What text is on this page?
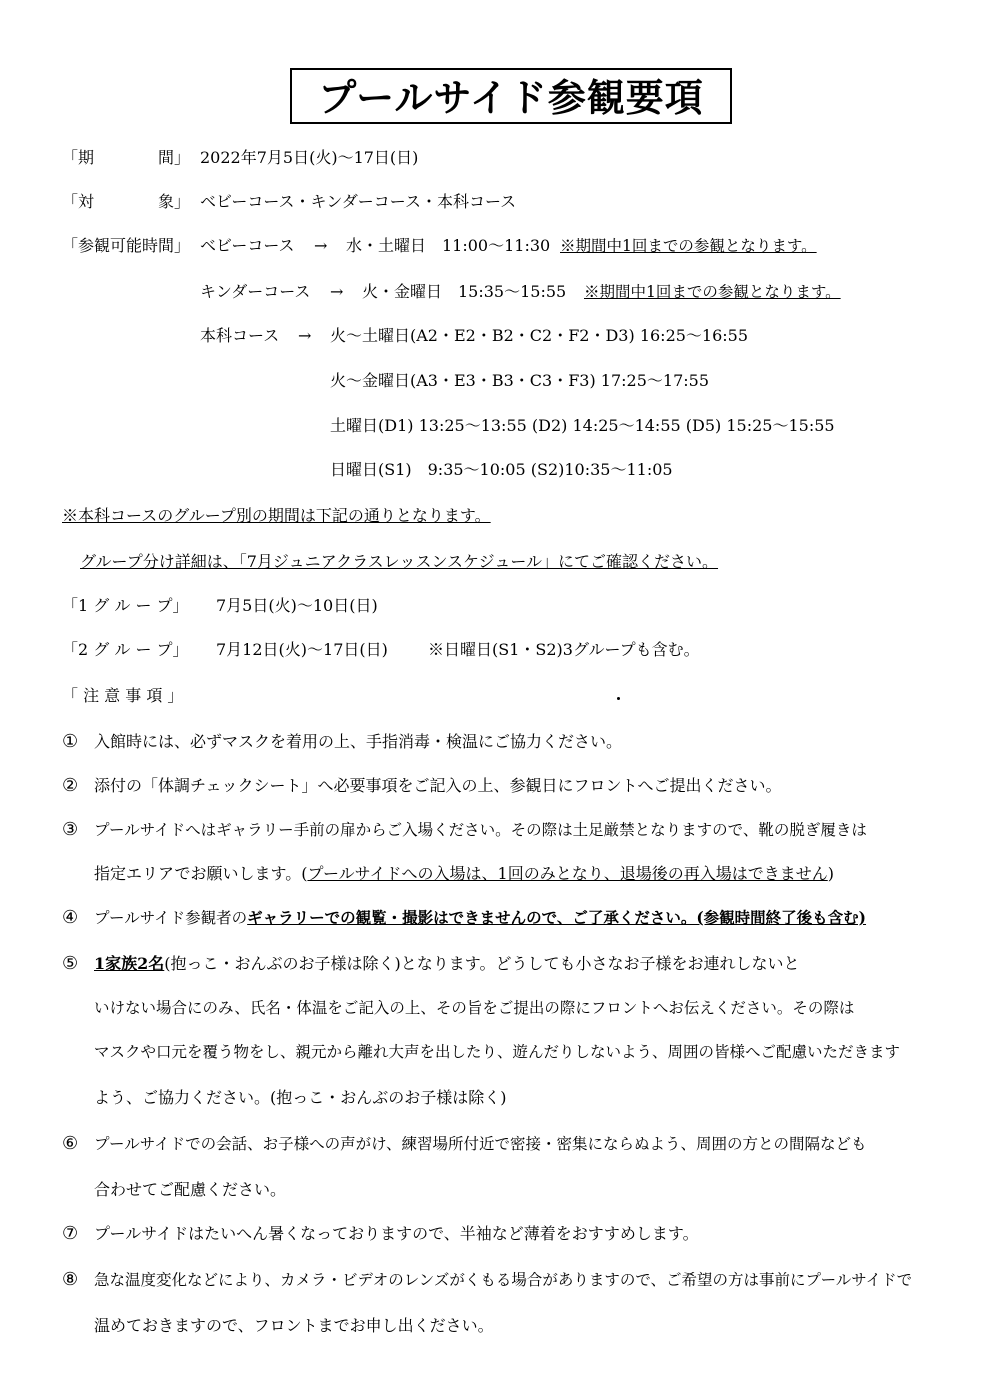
プールサイド参観要項
「期　　　　間」 2022年7月5日(火)～17日(日)
「対　　　　象」 ベビーコース・キンダーコース・本科コース
「参観可能時間」 ベビーコース → 水・土曜日　11:00～11:30 ※期間中1回までの参観となります。
キンダーコース → 火・金曜日　15:35～15:55 ※期間中1回までの参観となります。
本科コース → 火～土曜日(A2・E2・B2・C2・F2・D3) 16:25～16:55
火～金曜日(A3・E3・B3・C3・F3) 17:25～17:55
土曜日(D1) 13:25～13:55 (D2) 14:25～14:55 (D5) 15:25～15:55
日曜日(S1)　9:35～10:05 (S2)10:35～11:05
※本科コースのグループ別の期間は下記の通りとなります。
グループ分け詳細は、「7月ジュニアクラスレッスンスケジュール」にてご確認ください。
「1 グ ル ー プ」 7月5日(火)～10日(日)
「2 グ ル ー プ」 7月12日(火)～17日(日)	※日曜日(S1・S2)3グループも含む。
「 注 意 事 項 」
① 入館時には、必ずマスクを着用の上、手指消毒・検温にご協力ください。
② 添付の「体調チェックシート」へ必要事項をご記入の上、参観日にフロントへご提出ください。
③ プールサイドへはギャラリー手前の扉からご入場ください。その際は土足厳禁となりますので、靴の脱ぎ履きは
指定エリアでお願いします。(プールサイドへの入場は、1回のみとなり、退場後の再入場はできません)
④ プールサイド参観者のギャラリーでの観覧・撮影はできませんので、ご了承ください。(参観時間終了後も含む)
⑤ 1家族2名(抱っこ・おんぶのお子様は除く)となります。どうしても小さなお子様をお連れしないと
いけない場合にのみ、氏名・体温をご記入の上、その旨をご提出の際にフロントへお伝えください。その際は
マスクや口元を覆う物をし、親元から離れ大声を出したり、遊んだりしないよう、周囲の皆様へご配慮いただきます
よう、ご協力ください。(抱っこ・おんぶのお子様は除く)
⑥ プールサイドでの会話、お子様への声がけ、練習場所付近で密接・密集にならぬよう、周囲の方との間隔なども
合わせてご配慮ください。
⑦ プールサイドはたいへん暑くなっておりますので、半袖など薄着をおすすめします。
⑧ 急な温度変化などにより、カメラ・ビデオのレンズがくもる場合がありますので、ご希望の方は事前にプールサイドで
温めておきますので、フロントまでお申し出ください。
